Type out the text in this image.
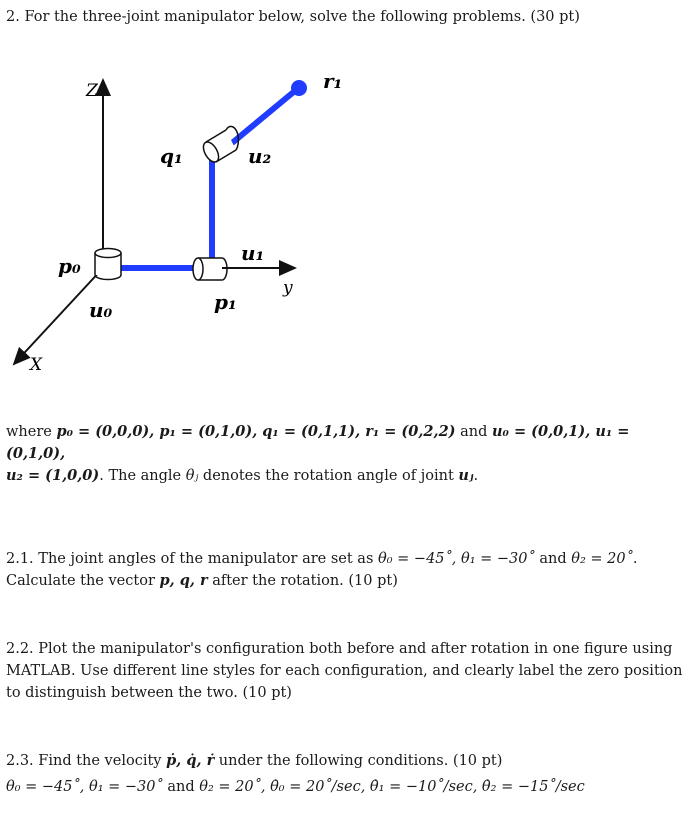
2. For the three-joint manipulator below, solve the following problems. (30 pt)
Z
X
y
p₀
u₀	p₁
u₁
q₁	u₂
r₁
where p₀ = (0,0,0), p₁ = (0,1,0), q₁ = (0,1,1), r₁ = (0,2,2) and u₀ = (0,0,1), u₁ = (0,1,0),
u₂ = (1,0,0). The angle θⱼ denotes the rotation angle of joint uⱼ.
2.1. The joint angles of the manipulator are set as θ₀ = −45˚, θ₁ = −30˚ and θ₂ = 20˚.
Calculate the vector p, q, r after the rotation. (10 pt)
2.2. Plot the manipulator's configuration both before and after rotation in one figure using
MATLAB. Use different line styles for each configuration, and clearly label the zero position
to distinguish between the two. (10 pt)
2.3. Find the velocity ṗ, q̇, ṙ under the following conditions. (10 pt)
θ₀ = −45˚, θ₁ = −30˚ and θ₂ = 20˚, θ̇₀ = 20˚/sec, θ̇₁ = −10˚/sec, θ̇₂ = −15˚/sec
